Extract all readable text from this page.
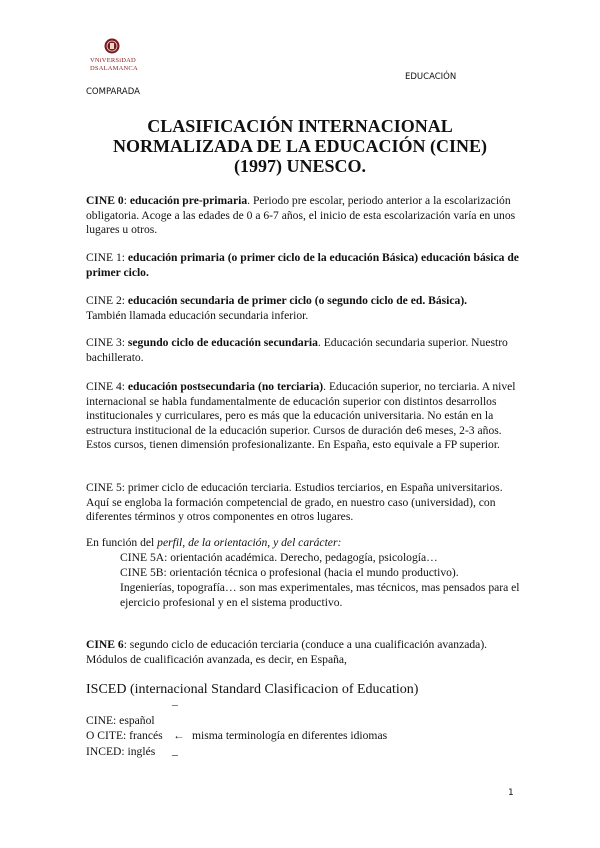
VNiVERSiDAD
DSALAMANCA
EDUCACIÓN
COMPARADA
CLASIFICACIÓN INTERNACIONAL
NORMALIZADA DE LA EDUCACIÓN (CINE)
(1997) UNESCO.
CINE 0: educación pre-primaria. Periodo pre escolar, periodo anterior a la escolarización obligatoria. Acoge a las edades de 0 a 6-7 años, el inicio de esta escolarización varía en unos lugares u otros.
CINE 1: educación primaria (o primer ciclo de la educación Básica) educación básica de primer ciclo.
CINE 2: educación secundaria de primer ciclo (o segundo ciclo de ed. Básica).
También llamada educación secundaria inferior.
CINE 3: segundo ciclo de educación secundaria. Educación secundaria superior. Nuestro bachillerato.
CINE 4: educación postsecundaria (no terciaria). Educación superior, no terciaria. A nivel internacional se habla fundamentalmente de educación superior con distintos desarrollos institucionales y curriculares, pero es más que la educación universitaria. No están en la estructura institucional de la educación superior. Cursos de duración de6 meses, 2-3 años. Estos cursos, tienen dimensión profesionalizante. En España, esto equivale a FP superior.
CINE 5: primer ciclo de educación terciaria. Estudios terciarios, en España universitarios. Aquí se engloba la formación competencial de grado, en nuestro caso (universidad), con diferentes términos y otros componentes en otros lugares.
En función del perfil, de la orientación, y del carácter:
CINE 5A: orientación académica. Derecho, pedagogía, psicología…
CINE 5B: orientación técnica o profesional (hacia el mundo productivo).
Ingenierías, topografía… son mas experimentales, mas técnicos, mas pensados para el ejercicio profesional y en el sistema productivo.
CINE 6: segundo ciclo de educación terciaria (conduce a una cualificación avanzada). Módulos de cualificación avanzada, es decir, en España,
ISCED (internacional Standard Clasificacion of Education)
CINE: español
¯
O CITE: francés ← misma terminología en diferentes idiomas
INCED: inglés _
1
